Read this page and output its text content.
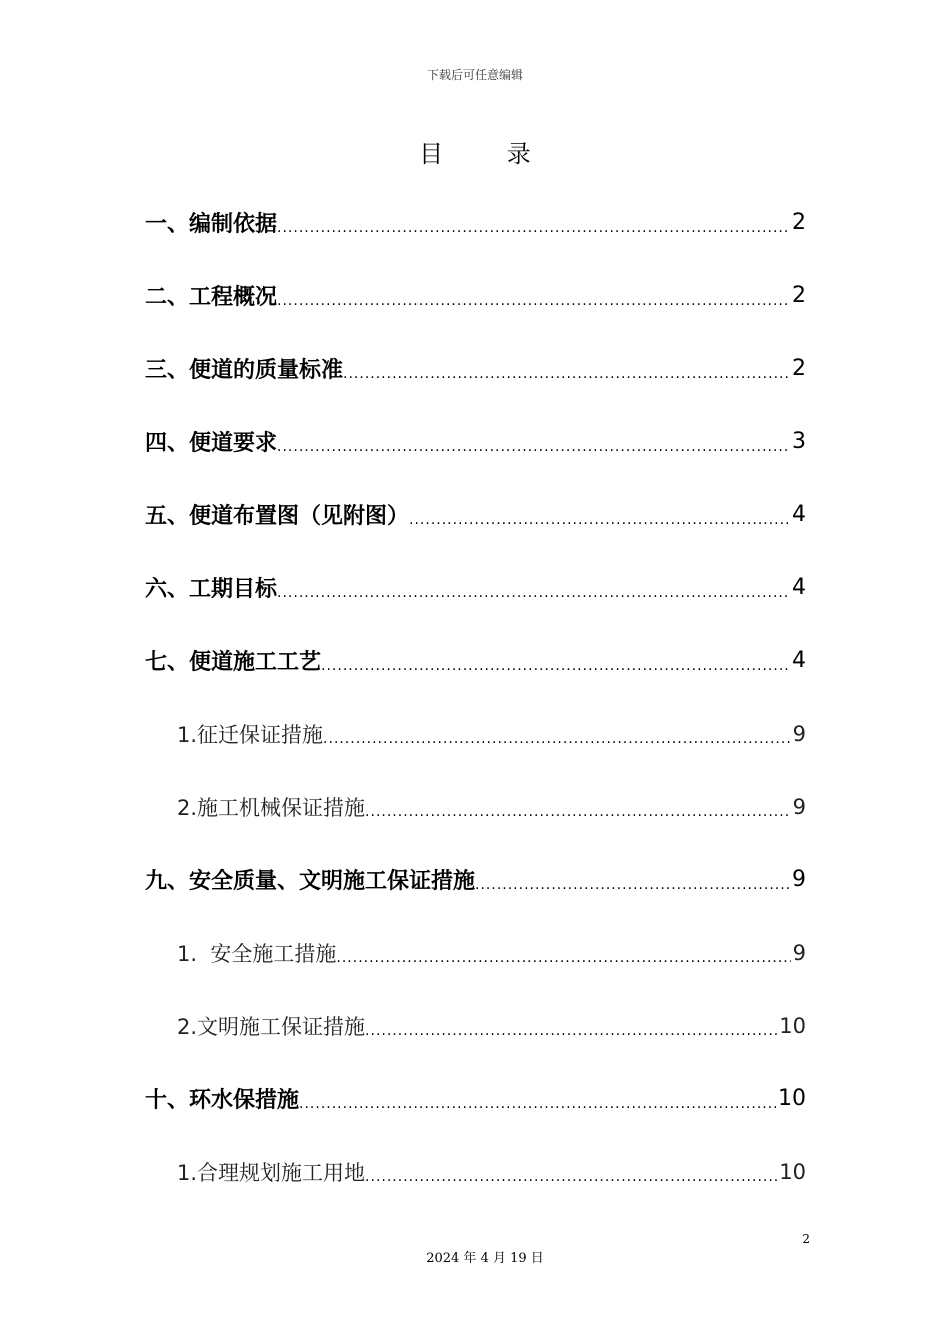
下载后可任意编辑
目 录
一、编制依据 .....	2
二、工程概况 .....	2
三、便道的质量标准 .....	2
四、便道要求 .....	3
五、便道布置图（见附图） .....	4
六、工期目标 .....	4
七、便道施工工艺 .....	4
1.征迁保证措施 .....	9
2.施工机械保证措施 .....	9
九、安全质量、文明施工保证措施 .....	9
1.  安全施工措施 .....	9
2.文明施工保证措施 .....	10
十、环水保措施 .....	10
1.合理规划施工用地 .....	10
2
2024 年 4 月 19 日
